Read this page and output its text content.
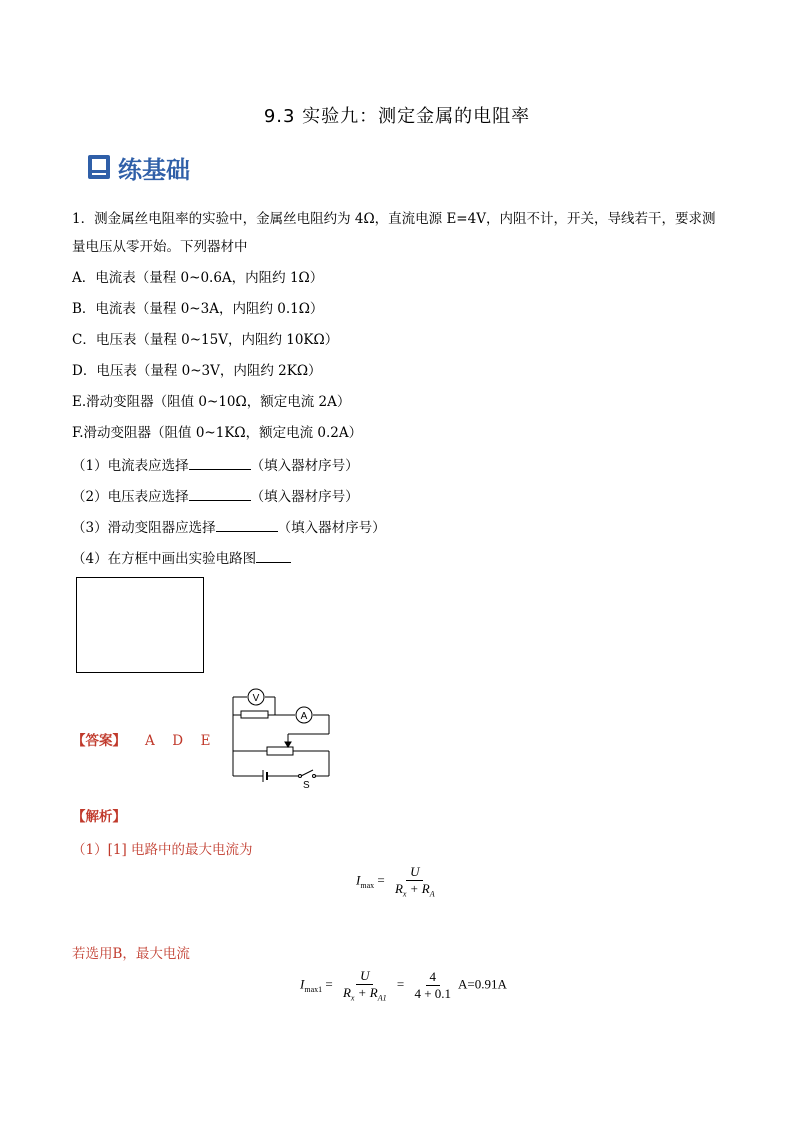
9.3 实验九：测定金属的电阻率
练基础
1．测金属丝电阻率的实验中，金属丝电阻约为 4Ω，直流电源 E=4V，内阻不计，开关，导线若干，要求测
量电压从零开始。下列器材中
A．电流表（量程 0~0.6A，内阻约 1Ω）
B．电流表（量程 0~3A，内阻约 0.1Ω）
C．电压表（量程 0~15V，内阻约 10KΩ）
D．电压表（量程 0~3V，内阻约 2KΩ）
E.滑动变阻器（阻值 0~10Ω，额定电流 2A）
F.滑动变阻器（阻值 0~1KΩ，额定电流 0.2A）
（1）电流表应选择	（填入器材序号）
（2）电压表应选择	（填入器材序号）
（3）滑动变阻器应选择	（填入器材序号）
（4）在方框中画出实验电路图
【答案】 A　D　E
V
A
S
【解析】
（1）[1] 电路中的最大电流为
$I_{max} = \frac{U}{R_x + R_A}$
若选用B，最大电流
$I_{max1} = \frac{U}{R_x + R_{A1}} = \frac{4}{4 + 0.1} A=0.91A$
